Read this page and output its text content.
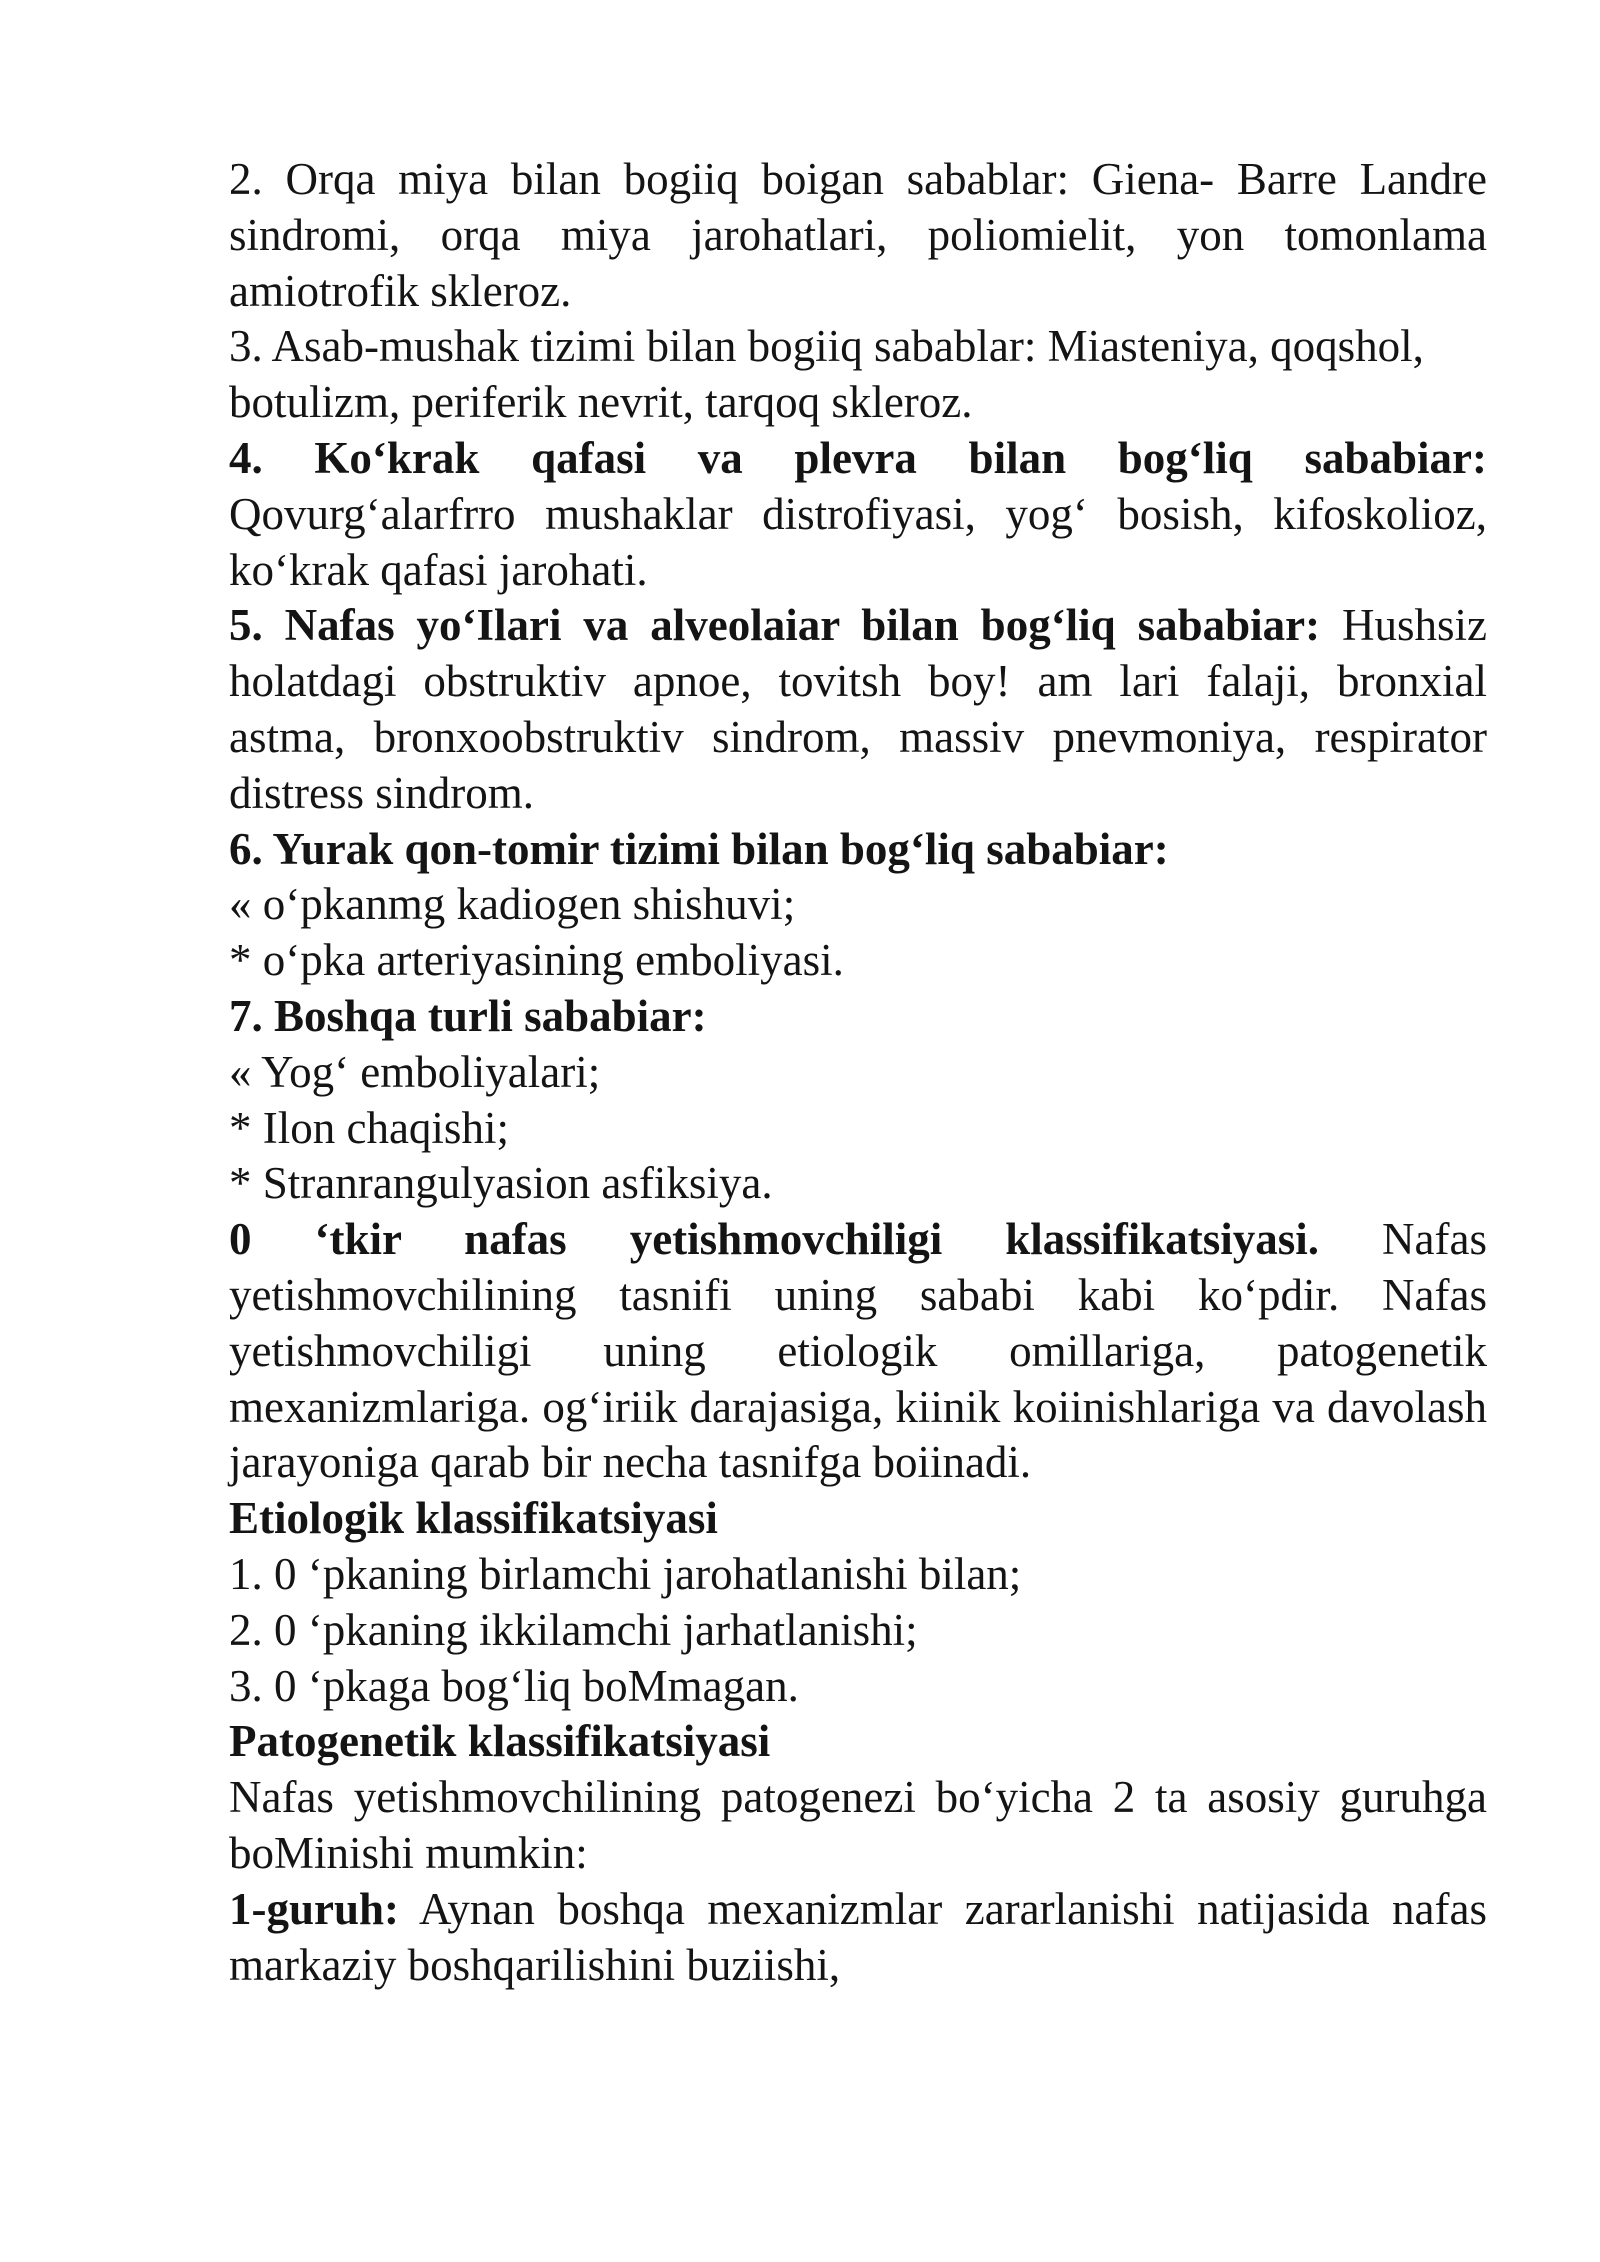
2. Orqa miya bilan bogiiq boigan sabablar: Giena- Barre Landre sindromi, orqa miya jarohatlari, poliomielit, yon tomonlama amiotrofik skleroz.

3. Asab-mushak tizimi bilan bogiiq sabablar: Miasteniya, qoqshol,

botulizm, periferik nevrit, tarqoq skleroz.

4. Ko‘krak qafasi va plevra bilan bog‘liq sababiar: Qovurg‘alarfrro mushaklar distrofiyasi, yog‘ bosish, kifoskolioz, ko‘krak qafasi jarohati.

5. Nafas yo‘Ilari va alveolaiar bilan bog‘liq sababiar: Hushsiz holatdagi obstruktiv apnoe, tovitsh boy! am lari falaji, bronxial astma, bronxoobstruktiv sindrom, massiv pnevmoniya, respirator distress sindrom.

6. Yurak qon-tomir tizimi bilan bog‘liq sababiar:

« o‘pkanmg kadiogen shishuvi;

* o‘pka arteriyasining emboliyasi.

7. Boshqa turli sababiar:

« Yog‘ emboliyalari;

* Ilon chaqishi;

* Stranrangulyasion asfiksiya.

0 ‘tkir nafas yetishmovchiligi klassifikatsiyasi. Nafas yetishmovchilining tasnifi uning sababi kabi ko‘pdir. Nafas yetishmovchiligi uning etiologik omillariga, patogenetik mexanizmlariga. og‘iriik darajasiga, kiinik koiinishlariga va davolash jarayoniga qarab bir necha tasnifga boiinadi.

Etiologik klassifikatsiyasi

1. 0 ‘pkaning birlamchi jarohatlanishi bilan;

2. 0 ‘pkaning ikkilamchi jarhatlanishi;

3. 0 ‘pkaga bog‘liq boMmagan.

Patogenetik klassifikatsiyasi

Nafas yetishmovchilining patogenezi bo‘yicha 2 ta asosiy guruhga boMinishi mumkin:

1-guruh: Aynan boshqa mexanizmlar zararlanishi natijasida nafas markaziy boshqarilishini buziishi,
